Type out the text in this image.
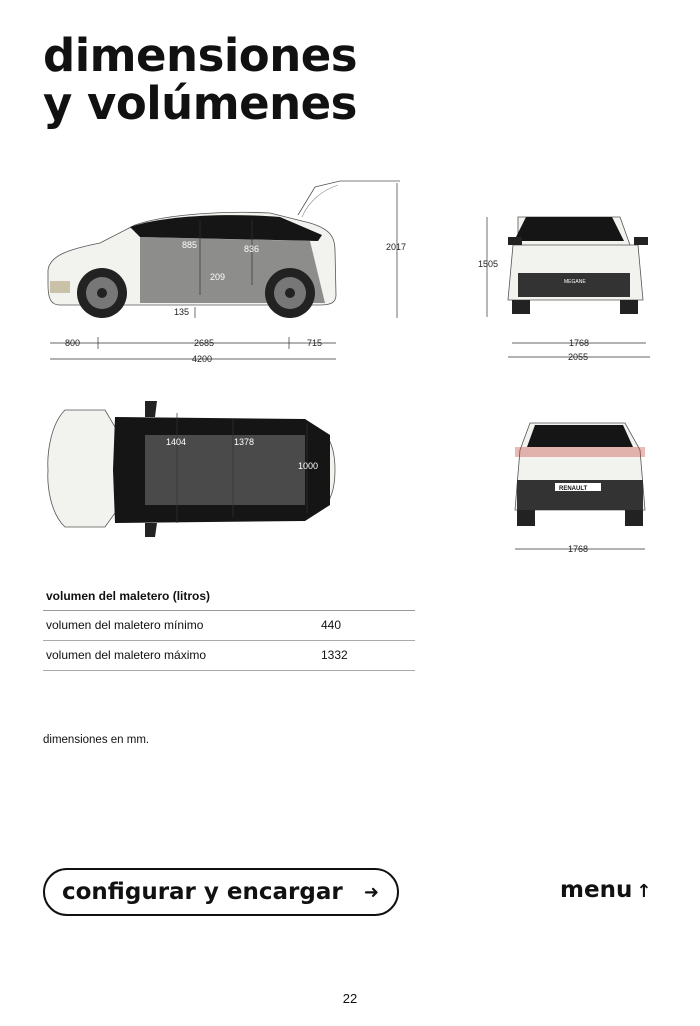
dimensiones
y volúmenes
885	836
209
2017
135
800	2685	715
4200
MEGANE
1505
1768
2055
1404	1378
1000
RENAULT
1768
volumen del maletero (litros)	
volumen del maletero mínimo	440
volumen del maletero máximo	1332
dimensiones en mm.
configurar y encargar ➜	menu ↑
22
